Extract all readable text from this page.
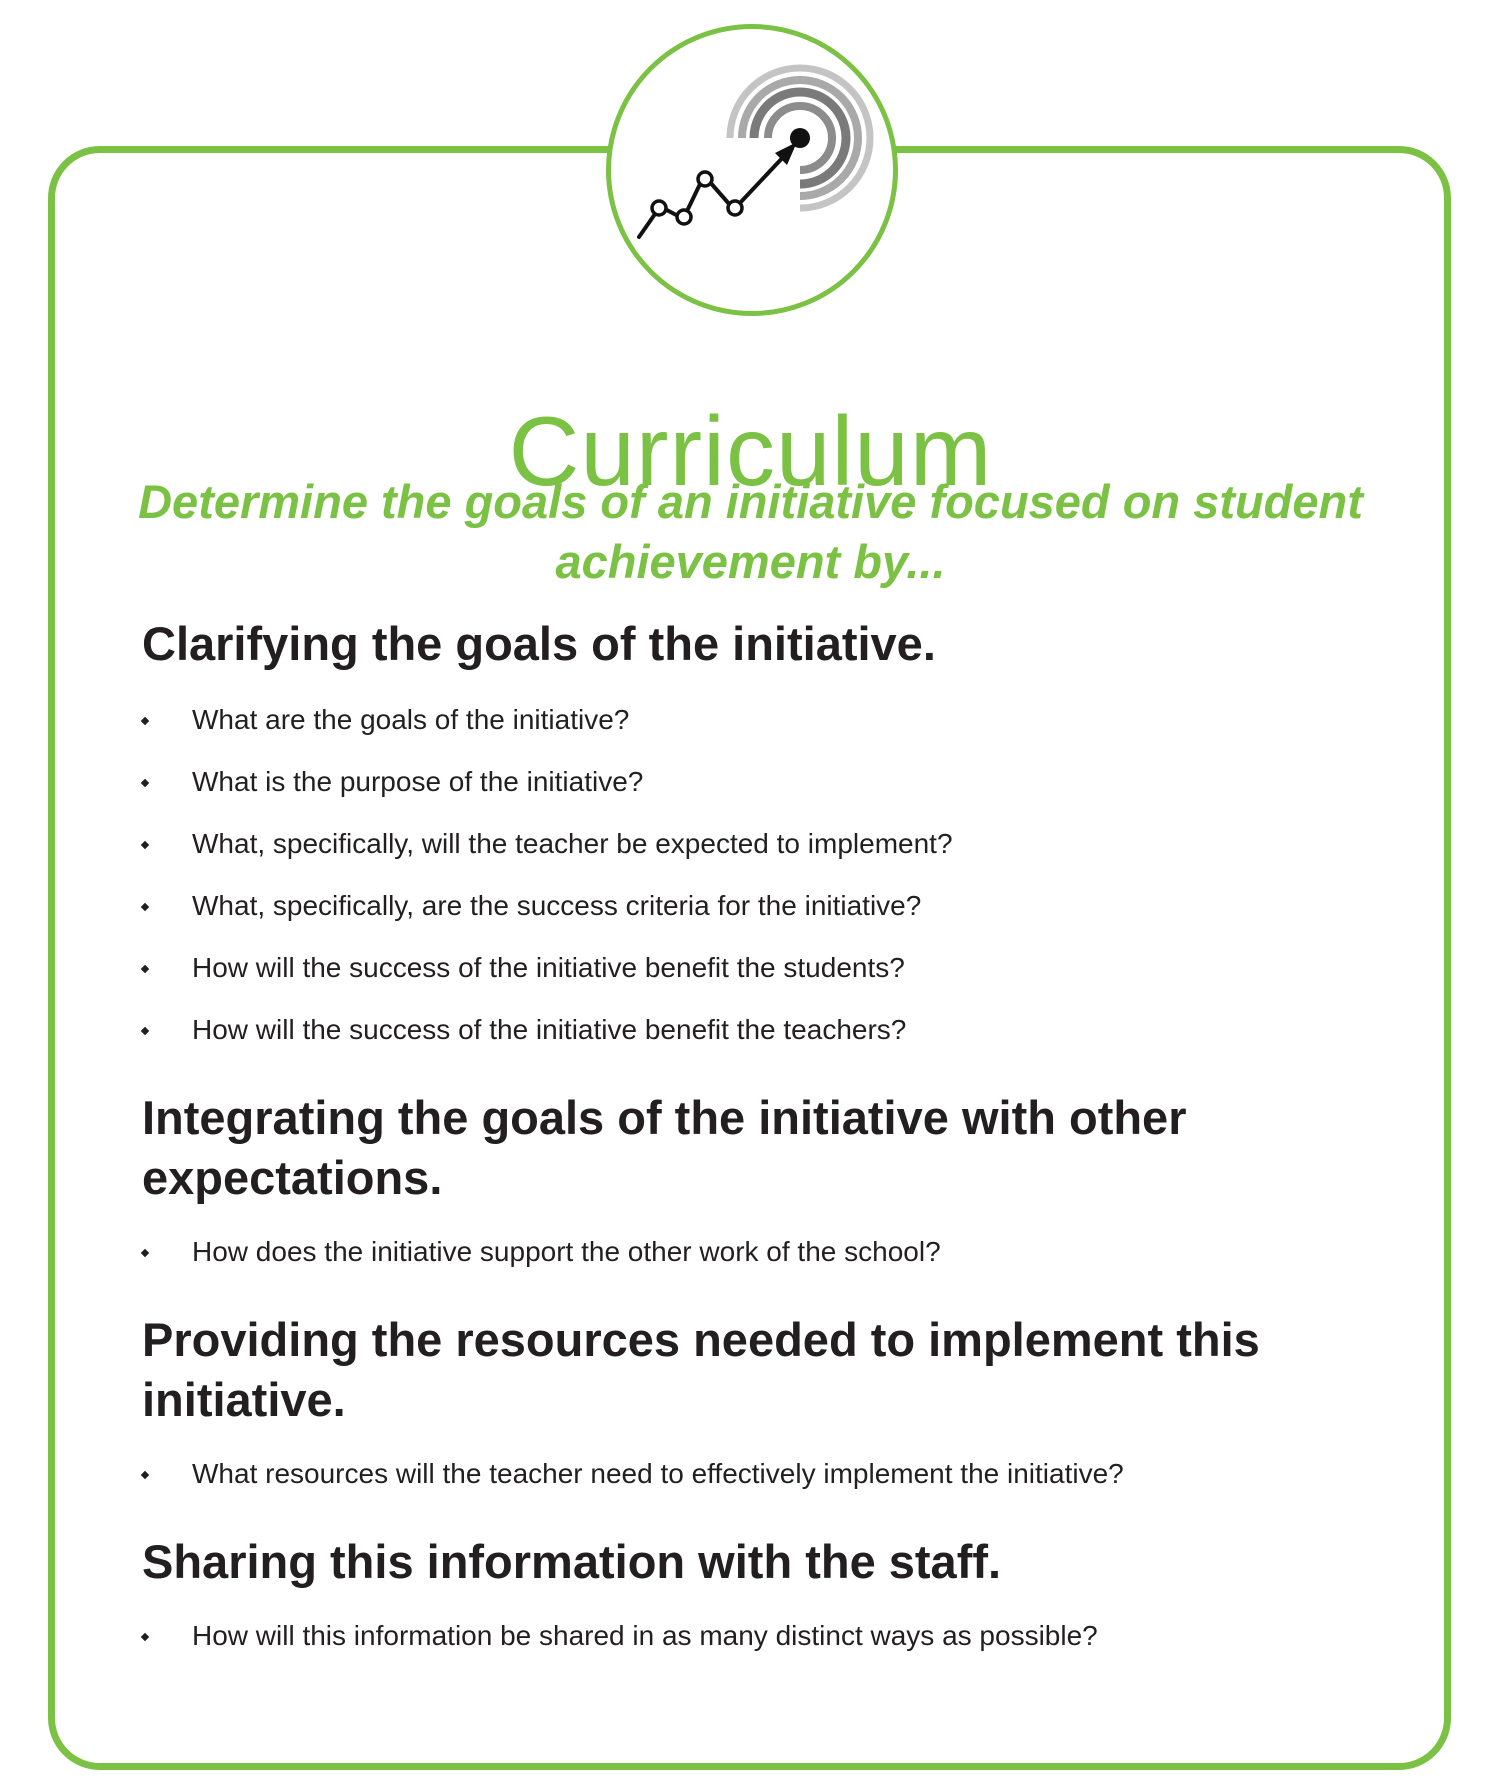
Curriculum
Determine the goals of an initiative focused on student achievement by...
Clarifying the goals of the initiative.
What are the goals of the initiative?
What is the purpose of the initiative?
What, specifically, will the teacher be expected to implement?
What, specifically, are the success criteria for the initiative?
How will the success of the initiative benefit the students?
How will the success of the initiative benefit the teachers?
Integrating the goals of the initiative with other expectations.
How does the initiative support the other work of the school?
Providing the resources needed to implement this initiative.
What resources will the teacher need to effectively implement the initiative?
Sharing this information with the staff.
How will this information be shared in as many distinct ways as possible?
